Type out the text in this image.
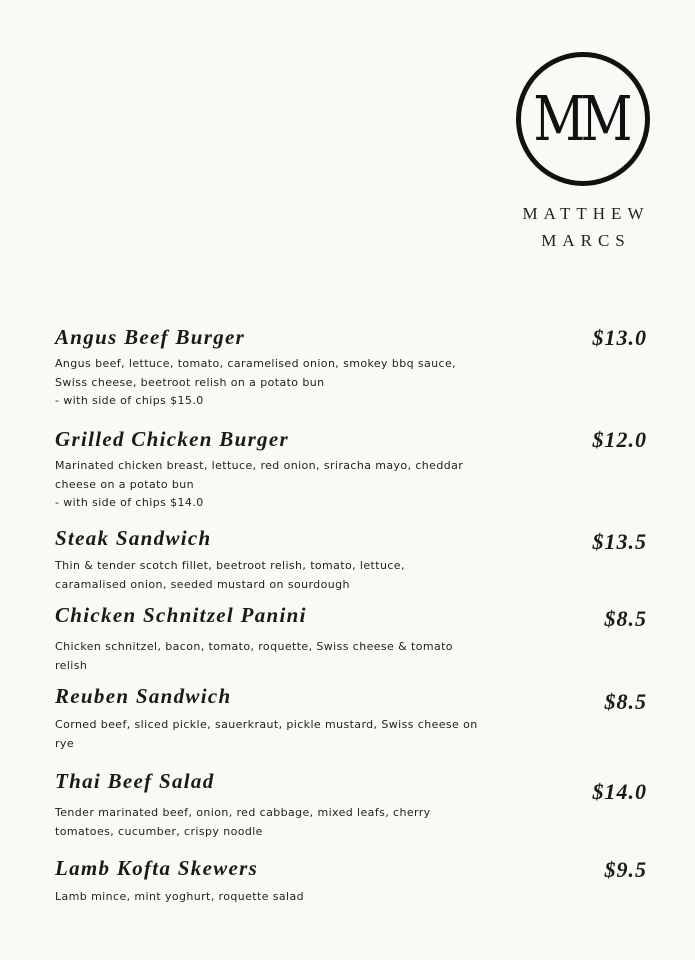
MM
MATTHEW
MARCS
Angus Beef Burger	$13.0
Angus beef, lettuce, tomato, caramelised onion, smokey bbq sauce,
Swiss cheese, beetroot relish on a potato bun
- with side of chips $15.0
Grilled Chicken Burger	$12.0
Marinated chicken breast, lettuce, red onion, sriracha mayo, cheddar
cheese on a potato bun
- with side of chips $14.0
Steak Sandwich	$13.5
Thin & tender scotch fillet, beetroot relish, tomato, lettuce,
caramalised onion, seeded mustard on sourdough
Chicken Schnitzel Panini	$8.5
Chicken schnitzel, bacon, tomato, roquette, Swiss cheese & tomato
relish
Reuben Sandwich	$8.5
Corned beef, sliced pickle, sauerkraut, pickle mustard, Swiss cheese on
rye
Thai Beef Salad	$14.0
Tender marinated beef, onion, red cabbage, mixed leafs, cherry
tomatoes, cucumber, crispy noodle
Lamb Kofta Skewers	$9.5
Lamb mince, mint yoghurt, roquette salad
